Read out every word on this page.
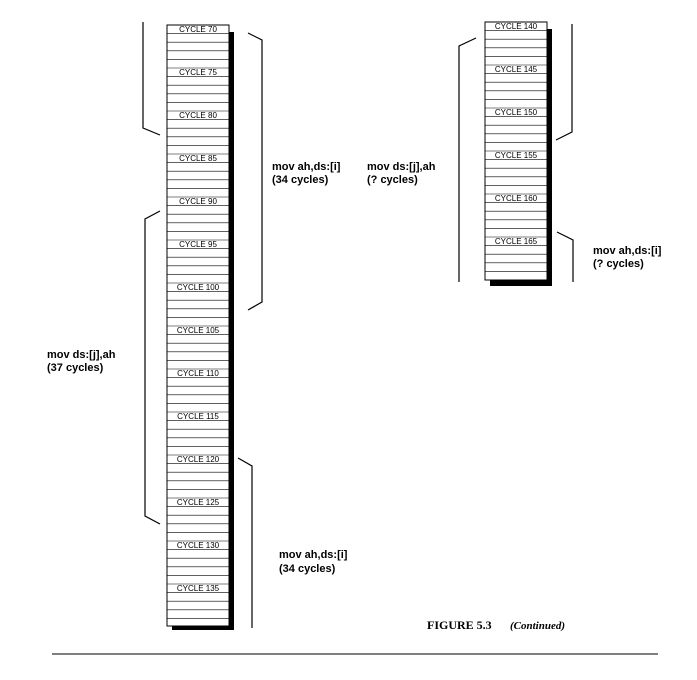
CYCLE 70
CYCLE 75
CYCLE 80
CYCLE 85
CYCLE 90
CYCLE 95
CYCLE 100
CYCLE 105
CYCLE 110
CYCLE 115
CYCLE 120
CYCLE 125
CYCLE 130
CYCLE 135
CYCLE 140
CYCLE 145
CYCLE 150
CYCLE 155
CYCLE 160
CYCLE 165
mov ah,ds:[i]
(34 cycles)
mov ds:[j],ah
(37 cycles)
mov ah,ds:[i]
(34 cycles)
mov ds:[j],ah
(? cycles)
mov ah,ds:[i]
(? cycles)
FIGURE 5.3 (Continued)
